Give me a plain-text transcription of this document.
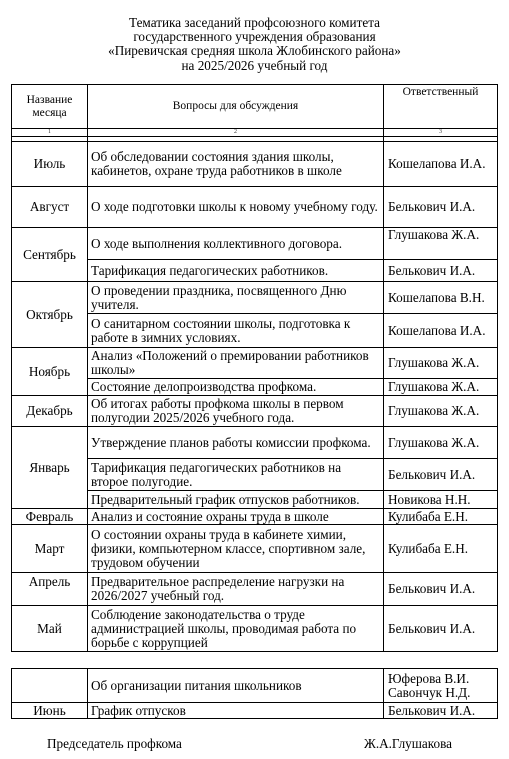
Тематика заседаний профсоюзного комитета
государственного учреждения образования
«Пиревичская средняя школа Жлобинского района»
на 2025/2026 учебный год
Название месяца	Вопросы для обсуждения	Ответственный
1	2	3

Июль	Об обследовании состояния здания школы, кабинетов, охране труда работников в школе	Кошелапова И.А.
Август	О ходе подготовки школы к новому учебному году.	Белькович И.А.
Сентябрь	О ходе выполнения коллективного договора.	Глушакова Ж.А.
	Тарификация педагогических работников.	Белькович И.А.
Октябрь	О проведении праздника, посвященного Дню учителя.	Кошелапова В.Н.
	О санитарном состоянии школы, подготовка к работе в зимних условиях.	Кошелапова И.А.
Ноябрь	Анализ «Положений о премировании работников школы»	Глушакова Ж.А.
	Состояние делопроизводства профкома.	Глушакова Ж.А.
Декабрь	Об итогах работы профкома школы в первом полугодии 2025/2026 учебного года.	Глушакова Ж.А.
Январь	Утверждение планов работы комиссии профкома.	Глушакова Ж.А.
	Тарификация педагогических работников на второе полугодие.	Белькович И.А.
	Предварительный график отпусков работников.	Новикова Н.Н.
Февраль	Анализ и состояние охраны труда в школе	Кулибаба Е.Н.
Март	О состоянии охраны труда в кабинете химии, физики, компьютерном классе, спортивном зале, трудовом обучении	Кулибаба Е.Н.
Апрель	Предварительное распределение нагрузки на 2026/2027 учебный год.	Белькович И.А.
Май	Соблюдение законодательства о труде администрацией школы, проводимая работа по борьбе с коррупцией	Белькович И.А.
	Об организации питания школьников	Юферова В.И.
Савончук Н.Д.

Июнь	График отпусков	Белькович И.А.
Председатель профкома	Ж.А.Глушакова
